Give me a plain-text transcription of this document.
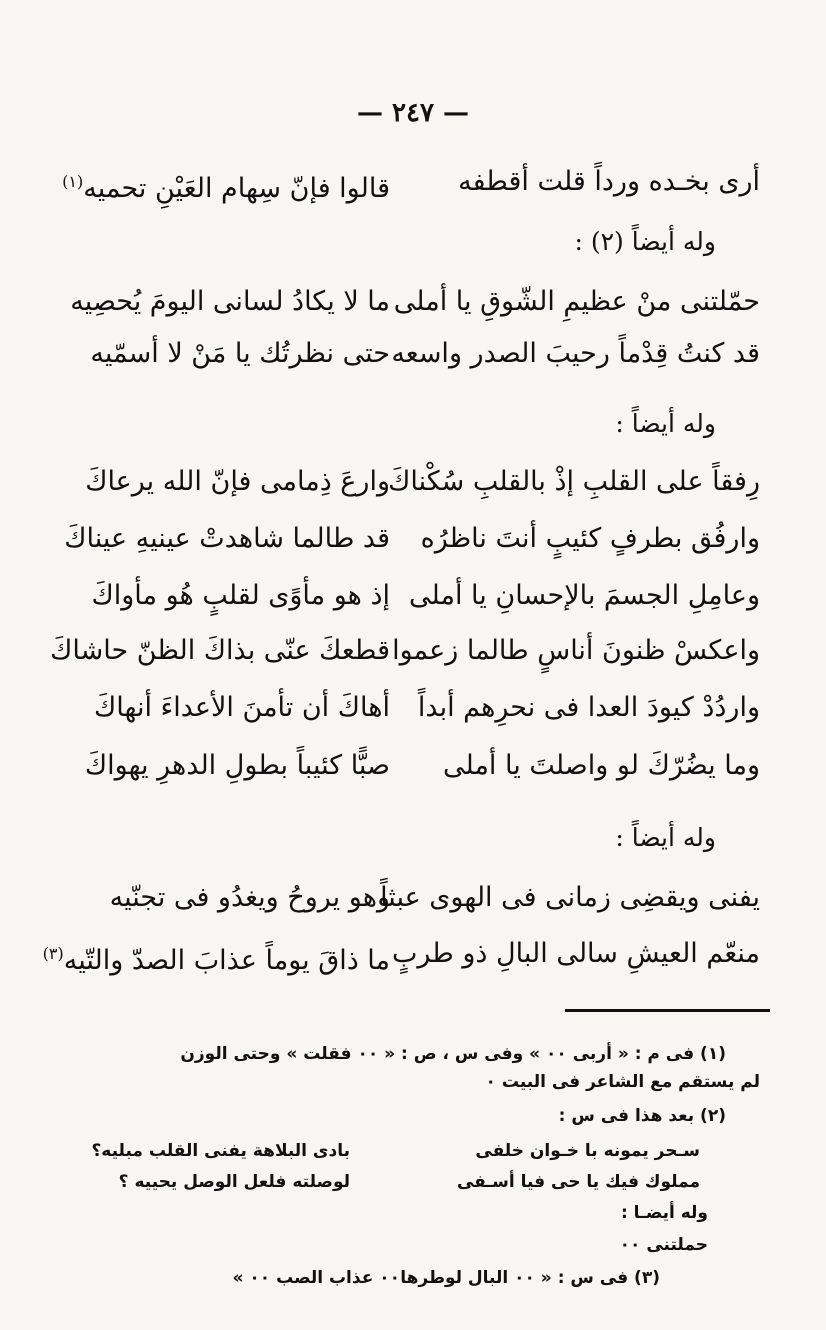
— ٢٤٧ —
أرى بخـده ورداً قلت أقطفه
قالوا فإنّ سِهام العَيْنِ تحميه$^{(١)}$
وله أيضاً (٢) :
حمّلتنى منْ عظيمِ الشّوقِ يا أملى
ما لا يكادُ لسانى اليومَ يُحصِيه
قد كنتُ قِدْماً رحيبَ الصدر واسعه
حتى نظرتُك يا مَنْ لا أسمّيه
وله أيضاً :
رِفقاً على القلبِ إذْ بالقلبِ سُكْناكَ
وارعَ ذِمامى فإنّ الله يرعاكَ
وارفُق بطرفٍ كئيبٍ أنتَ ناظرُه
قد طالما شاهدتْ عينيهِ عيناكَ
وعامِلِ الجسمَ بالإحسانِ يا أملى
إذ هو مأوًى لقلبٍ هُو مأواكَ
واعكسْ ظنونَ أناسٍ طالما زعموا
قطعكَ عنّى بذاكَ الظنّ حاشاكَ
واردُدْ كيودَ العدا فى نحرِهم أبداً
أهاكَ أن تأمنَ الأعداءَ أنهاكَ
وما يضُرّكَ لو واصلتَ يا أملى
صبًّا كئيباً بطولِ الدهرِ يهواكَ
وله أيضاً :
يفنى ويقضِى زمانى فى الهوى عبثاً
وهو يروحُ ويغدُو فى تجنّيه
منعّم العيشِ سالى البالِ ذو طربٍ
ما ذاقَ يوماً عذابَ الصدّ والتّيه$^{(٣)}$
(١) فى م : « أربى ٠٠ » وفى س ، ص : « ٠٠ فقلت » وحتى الوزن
لم يستقم مع الشاعر فى البيت ٠
(٢) بعد هذا فى س :
سـحر يمونه با خـوان خلفى
بادى البلاهة يفنى القلب مبليه؟
مملوك فيك يا حى فيا أسـفى
لوصلته فلعل الوصل يحييه ؟
وله أيضـا :
حملتنى ٠٠
(٣) فى س : « ٠٠ البال لوطرها
٠٠ عذاب الصب ٠٠ »
